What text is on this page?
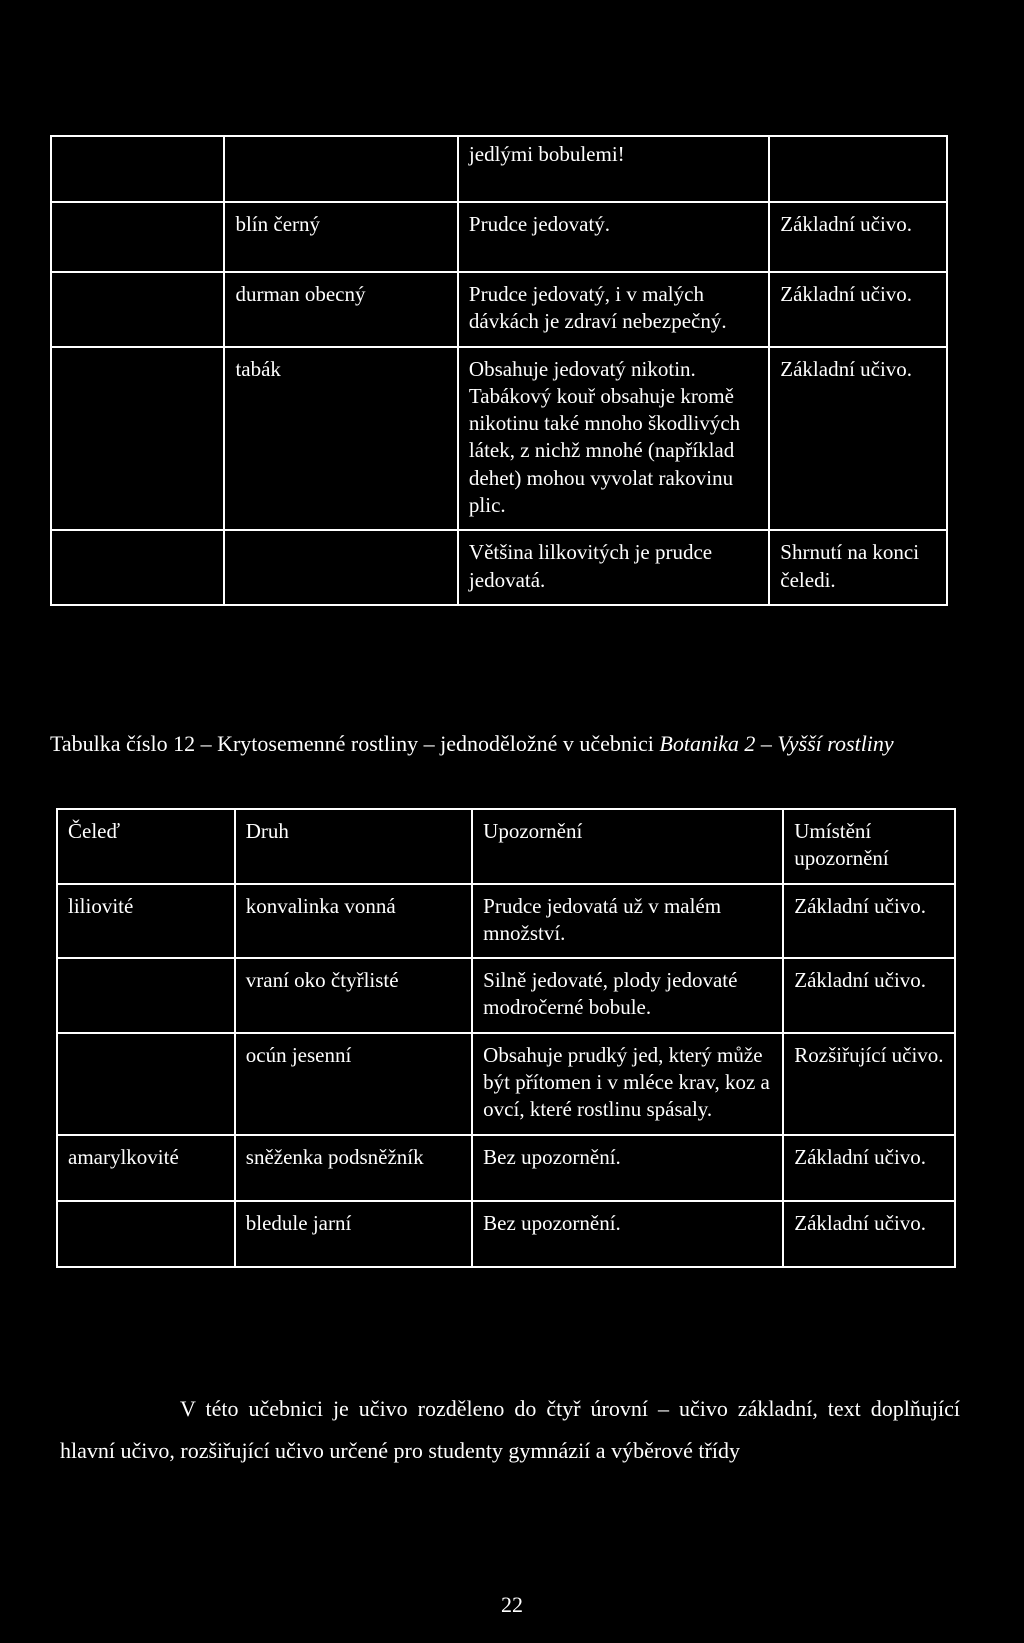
		jedlými bobulemi!	
	blín černý	Prudce jedovatý.	Základní učivo.
	durman obecný	Prudce jedovatý, i v malých dávkách je zdraví nebezpečný.	Základní učivo.
	tabák	Obsahuje jedovatý nikotin. Tabákový kouř obsahuje kromě nikotinu také mnoho škodlivých látek, z nichž mnohé (například dehet) mohou vyvolat rakovinu plic.	Základní učivo.
		Většina lilkovitých je prudce jedovatá.	Shrnutí na konci čeledi.

Tabulka číslo 12 – Krytosemenné rostliny – jednoděložné v učebnici Botanika 2 – Vyšší rostliny

Čeleď	Druh	Upozornění	Umístění upozornění
liliovité	konvalinka vonná	Prudce jedovatá už v malém množství.	Základní učivo.
	vraní oko čtyřlisté	Silně jedovaté, plody jedovaté modročerné bobule.	Základní učivo.
	ocún jesenní	Obsahuje prudký jed, který může být přítomen i v mléce krav, koz a ovcí, které rostlinu spásaly.	Rozšiřující učivo.
amarylkovité	sněženka podsněžník	Bez upozornění.	Základní učivo.
	bledule jarní	Bez upozornění.	Základní učivo.

V této učebnici je učivo rozděleno do čtyř úrovní – učivo základní, text doplňující hlavní učivo, rozšiřující učivo určené pro studenty gymnázií a výběrové třídy

22
